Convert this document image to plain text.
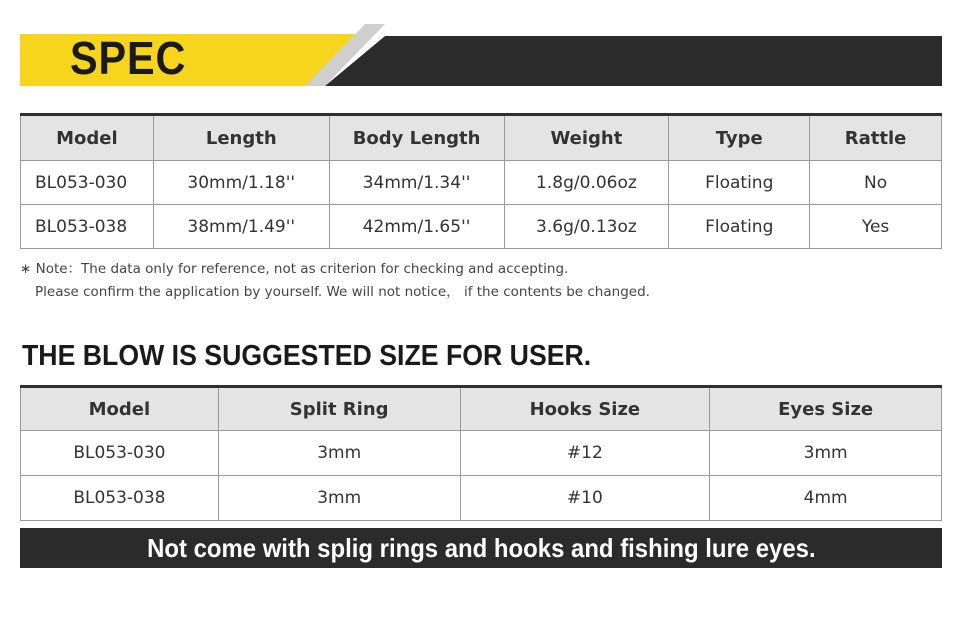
SPEC
Model	Length	Body Length	Weight	Type	Rattle
BL053-030	30mm/1.18''	34mm/1.34''	1.8g/0.06oz	Floating	No
BL053-038	38mm/1.49''	42mm/1.65''	3.6g/0.13oz	Floating	Yes
∗ Note：The data only for reference, not as criterion for checking and accepting.
Please confirm the application by yourself. We will not notice， if the contents be changed.
THE BLOW IS SUGGESTED SIZE FOR USER.
Model	Split Ring	Hooks Size	Eyes Size
BL053-030	3mm	#12	3mm
BL053-038	3mm	#10	4mm
Not come with splig rings and hooks and fishing lure eyes.
